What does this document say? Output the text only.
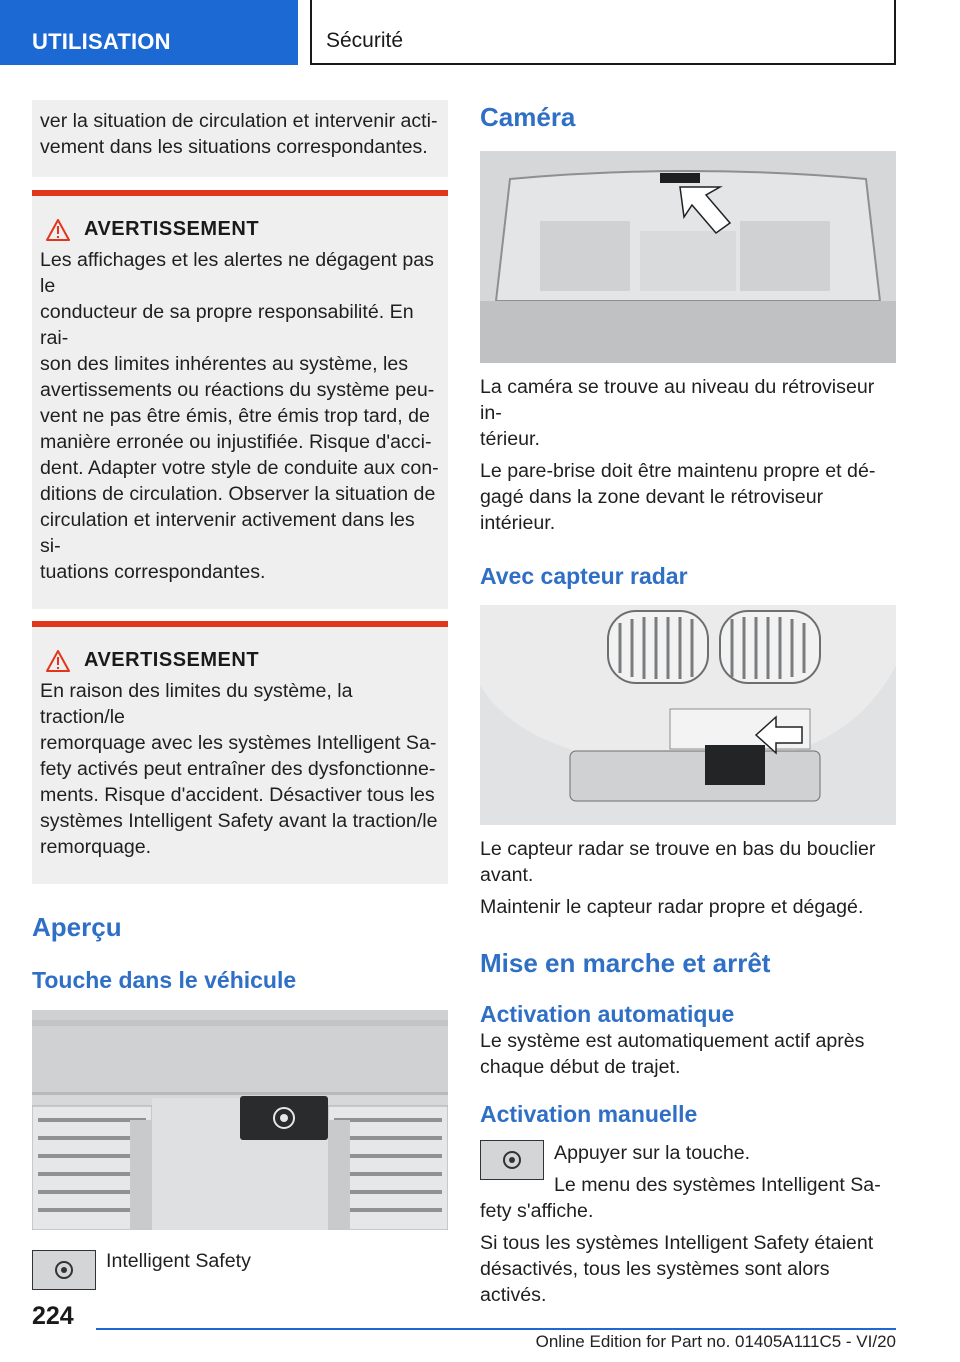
UTILISATION	Sécurité
ver la situation de circulation et intervenir acti‐
vement dans les situations correspondantes.
AVERTISSEMENT
Les affichages et les alertes ne dégagent pas le
conducteur de sa propre responsabilité. En rai‐
son des limites inhérentes au système, les
avertissements ou réactions du système peu‐
vent ne pas être émis, être émis trop tard, de
manière erronée ou injustifiée. Risque d'acci‐
dent. Adapter votre style de conduite aux con‐
ditions de circulation. Observer la situation de
circulation et intervenir activement dans les si‐
tuations correspondantes.
AVERTISSEMENT
En raison des limites du système, la traction/le
remorquage avec les systèmes Intelligent Sa‐
fety activés peut entraîner des dysfonctionne‐
ments. Risque d'accident. Désactiver tous les
systèmes Intelligent Safety avant la traction/le
remorquage.
Aperçu
Touche dans le véhicule
Intelligent Safety
Caméra
La caméra se trouve au niveau du rétroviseur in‐
térieur.
Le pare-brise doit être maintenu propre et dé‐
gagé dans la zone devant le rétroviseur intérieur.
Avec capteur radar
Le capteur radar se trouve en bas du bouclier
avant.
Maintenir le capteur radar propre et dégagé.
Mise en marche et arrêt
Activation automatique
Le système est automatiquement actif après
chaque début de trajet.
Activation manuelle
Appuyer sur la touche.
Le menu des systèmes Intelligent Sa‐
fety s'affiche.
Si tous les systèmes Intelligent Safety étaient
désactivés, tous les systèmes sont alors activés.
224
Online Edition for Part no. 01405A111C5 - VI/20
